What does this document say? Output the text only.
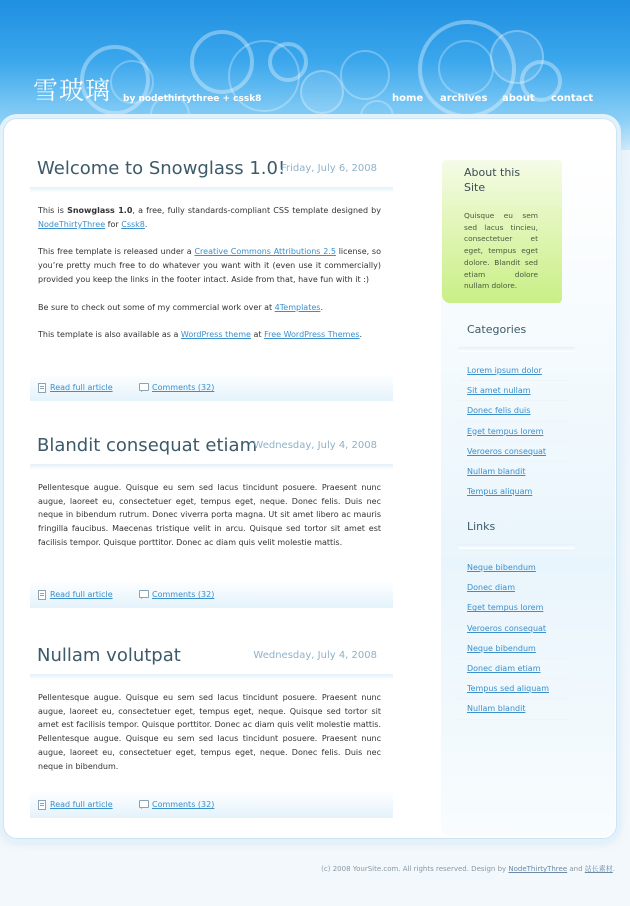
雪玻璃 by nodethirtythree + cssk8	home archives about contact
Welcome to Snowglass 1.0!
Friday, July 6, 2008

This is Snowglass 1.0, a free, fully standards-compliant CSS template designed by NodeThirtyThree for Cssk8.

This free template is released under a Creative Commons Attributions 2.5 license, so you’re pretty much free to do whatever you want with it (even use it commercially) provided you keep the links in the footer intact. Aside from that, have fun with it :)

Be sure to check out some of my commercial work over at 4Templates.

This template is also available as a WordPress theme at Free WordPress Themes.

Read full article	Comments (32)
Blandit consequat etiam
Wednesday, July 4, 2008

Pellentesque augue. Quisque eu sem sed lacus tincidunt posuere. Praesent nunc augue, laoreet eu, consectetuer eget, tempus eget, neque. Donec felis. Duis nec neque in bibendum rutrum. Donec viverra porta magna. Ut sit amet libero ac mauris fringilla faucibus. Maecenas tristique velit in arcu. Quisque sed tortor sit amet est facilisis tempor. Quisque porttitor. Donec ac diam quis velit molestie mattis.

Read full article	Comments (32)
Nullam volutpat	Wednesday, July 4, 2008

Pellentesque augue. Quisque eu sem sed lacus tincidunt posuere. Praesent nunc augue, laoreet eu, consectetuer eget, tempus eget, neque. Quisque sed tortor sit amet est facilisis tempor. Quisque porttitor. Donec ac diam quis velit molestie mattis. Pellentesque augue. Quisque eu sem sed lacus tincidunt posuere. Praesent nunc augue, laoreet eu, consectetuer eget, tempus eget, neque. Donec felis. Duis nec neque in bibendum.

Read full article	Comments (32)
About this Site
Quisque eu sem sed lacus tincieu, consectetuer et eget, tempus eget dolore. Blandit sed etiam dolore nullam dolore.
Categories
Lorem ipsum dolor
Sit amet nullam
Donec felis duis
Eget tempus lorem
Veroeros consequat
Nullam blandit
Tempus aliquam
Links
Neque bibendum
Donec diam
Eget tempus lorem
Veroeros consequat
Neque bibendum
Donec diam etiam
Tempus sed aliquam
Nullam blandit
(c) 2008 YourSite.com. All rights reserved. Design by NodeThirtyThree and 站长素材.
